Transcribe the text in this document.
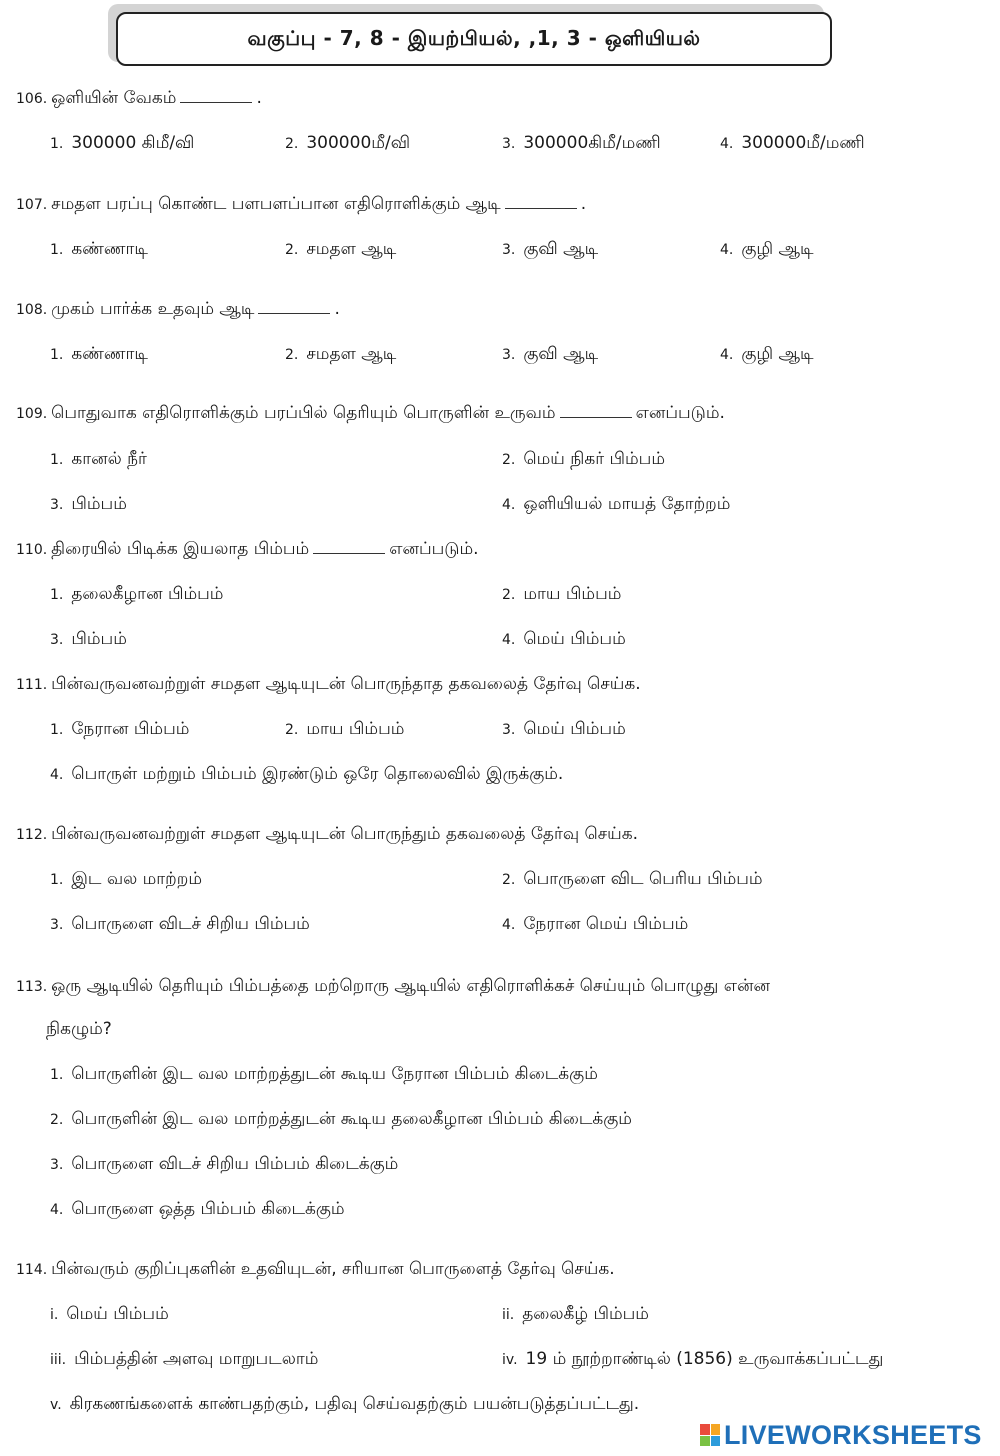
வகுப்பு - 7, 8 - இயற்பியல், ,1, 3 - ஒளியியல்
106. ஒளியின் வேகம்	.
1. 300000 கிமீ/வி	2. 300000மீ/வி	3. 300000கிமீ/மணி	4. 300000மீ/மணி
107. சமதள பரப்பு கொண்ட பளபளப்பான எதிரொளிக்கும் ஆடி	.
1. கண்ணாடி	2. சமதள ஆடி	3. குவி ஆடி	4. குழி ஆடி
108. முகம் பார்க்க உதவும் ஆடி	.
1. கண்ணாடி	2. சமதள ஆடி	3. குவி ஆடி	4. குழி ஆடி
109. பொதுவாக எதிரொளிக்கும் பரப்பில் தெரியும் பொருளின் உருவம்	எனப்படும்.
1. கானல் நீர்	2. மெய் நிகர் பிம்பம்
3. பிம்பம்	4. ஒளியியல் மாயத் தோற்றம்
110. திரையில் பிடிக்க இயலாத பிம்பம்	எனப்படும்.
1. தலைகீழான பிம்பம்	2. மாய பிம்பம்
3. பிம்பம்	4. மெய் பிம்பம்
111. பின்வருவனவற்றுள் சமதள ஆடியுடன் பொருந்தாத தகவலைத் தேர்வு செய்க.
1. நேரான பிம்பம்	2. மாய பிம்பம்	3. மெய் பிம்பம்
4. பொருள் மற்றும் பிம்பம் இரண்டும் ஒரே தொலைவில் இருக்கும்.
112. பின்வருவனவற்றுள் சமதள ஆடியுடன் பொருந்தும் தகவலைத் தேர்வு செய்க.
1. இட வல மாற்றம்	2. பொருளை விட பெரிய பிம்பம்
3. பொருளை விடச் சிறிய பிம்பம்	4. நேரான மெய் பிம்பம்
113. ஒரு ஆடியில் தெரியும் பிம்பத்தை மற்றொரு ஆடியில் எதிரொளிக்கச் செய்யும் பொழுது என்ன
நிகழும்?
1. பொருளின் இட வல மாற்றத்துடன் கூடிய நேரான பிம்பம் கிடைக்கும்
2. பொருளின் இட வல மாற்றத்துடன் கூடிய தலைகீழான பிம்பம் கிடைக்கும்
3. பொருளை விடச் சிறிய பிம்பம் கிடைக்கும்
4. பொருளை ஒத்த பிம்பம் கிடைக்கும்
114. பின்வரும் குறிப்புகளின் உதவியுடன், சரியான பொருளைத் தேர்வு செய்க.
i. மெய் பிம்பம்	ii. தலைகீழ் பிம்பம்
iii. பிம்பத்தின் அளவு மாறுபடலாம்	iv. 19 ம் நூற்றாண்டில் (1856) உருவாக்கப்பட்டது
v. கிரகணங்களைக் காண்பதற்கும், பதிவு செய்வதற்கும் பயன்படுத்தப்பட்டது.
LIVEWORKSHEETS
